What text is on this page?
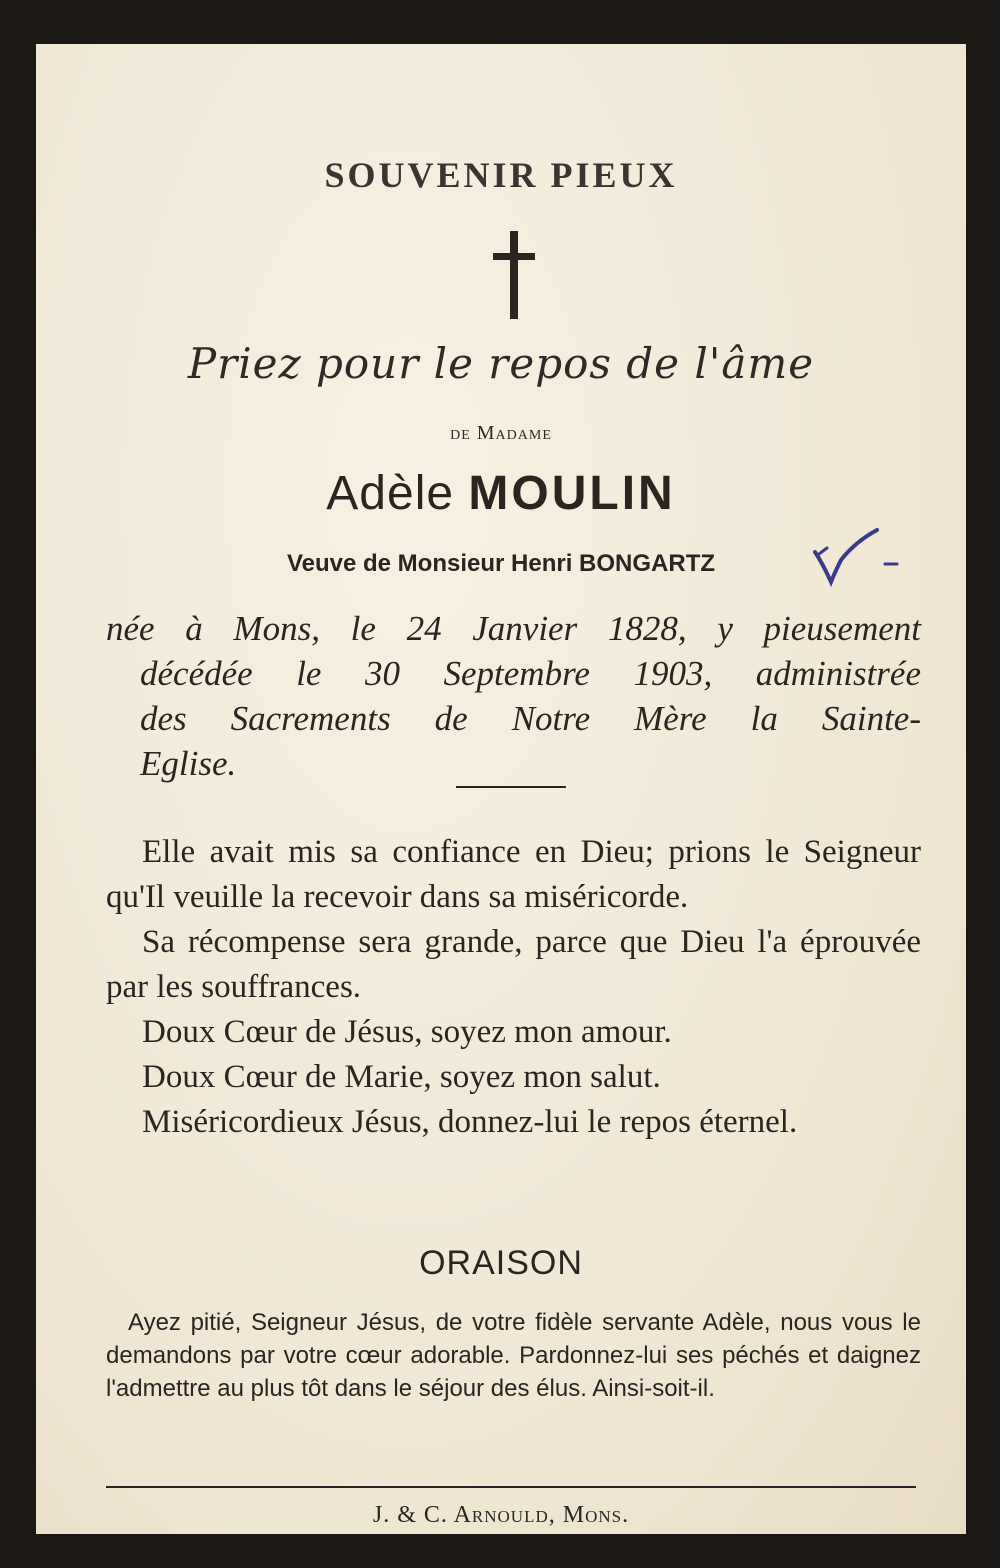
SOUVENIR PIEUX
Priez pour le repos de l'âme
de Madame
Adèle MOULIN
Veuve de Monsieur Henri BONGARTZ
née à Mons, le 24 Janvier 1828, y pieusement
décédée le 30 Septembre 1903, administrée
des Sacrements de Notre Mère la Sainte-
Eglise.

Elle avait mis sa confiance en Dieu; prions le Seigneur qu'Il veuille la recevoir dans sa miséricorde.

Sa récompense sera grande, parce que Dieu l'a éprouvée par les souffrances.

Doux Cœur de Jésus, soyez mon amour.

Doux Cœur de Marie, soyez mon salut.

Miséricordieux Jésus, donnez-lui le repos éternel.

ORAISON
Ayez pitié, Seigneur Jésus, de votre fidèle servante Adèle, nous vous le demandons par votre cœur adorable. Pardonnez-lui ses péchés et daignez l'admettre au plus tôt dans le séjour des élus. Ainsi-soit-il.
J. & C. Arnould, Mons.
